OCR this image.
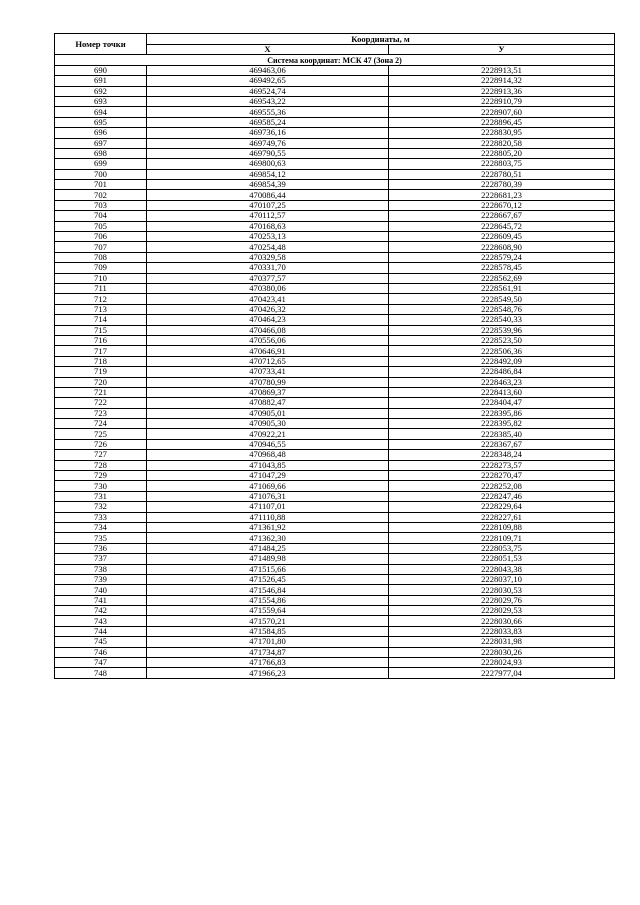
Номер точки	Координаты, м	
	X	У
Система координат: МСК 47 (Зона 2)		
690	469463,06	2228913,51
691	469492,65	2228914,32
692	469524,74	2228913,36
693	469543,22	2228910,79
694	469555,36	2228907,60
695	469585,24	2228896,45
696	469736,16	2228830,95
697	469749,76	2228820,58
698	469790,55	2228805,20
699	469800,63	2228803,75
700	469854,12	2228780,51
701	469854,39	2228780,39
702	470086,44	2228681,23
703	470107,25	2228670,12
704	470112,57	2228667,67
705	470168,63	2228645,72
706	470253,13	2228609,45
707	470254,48	2228608,90
708	470329,58	2228579,24
709	470331,70	2228578,45
710	470377,57	2228562,69
711	470380,06	2228561,91
712	470423,41	2228549,50
713	470426,32	2228548,76
714	470464,23	2228540,33
715	470466,08	2228539,96
716	470556,06	2228523,50
717	470646,91	2228506,36
718	470712,65	2228492,09
719	470733,41	2228486,84
720	470780,99	2228463,23
721	470869,37	2228413,60
722	470882,47	2228404,47
723	470905,01	2228395,86
724	470905,30	2228395,82
725	470922,21	2228385,40
726	470946,55	2228367,67
727	470968,48	2228348,24
728	471043,85	2228273,57
729	471047,29	2228270,47
730	471069,66	2228252,08
731	471076,31	2228247,46
732	471107,01	2228229,64
733	471110,88	2228227,61
734	471361,92	2228109,88
735	471362,30	2228109,71
736	471484,25	2228053,75
737	471489,98	2228051,53
738	471515,66	2228043,38
739	471526,45	2228037,10
740	471546,84	2228030,53
741	471554,86	2228029,76
742	471559,64	2228029,53
743	471570,21	2228030,66
744	471584,85	2228033,83
745	471701,80	2228031,98
746	471734,87	2228030,26
747	471766,83	2228024,93
748	471966,23	2227977,04
